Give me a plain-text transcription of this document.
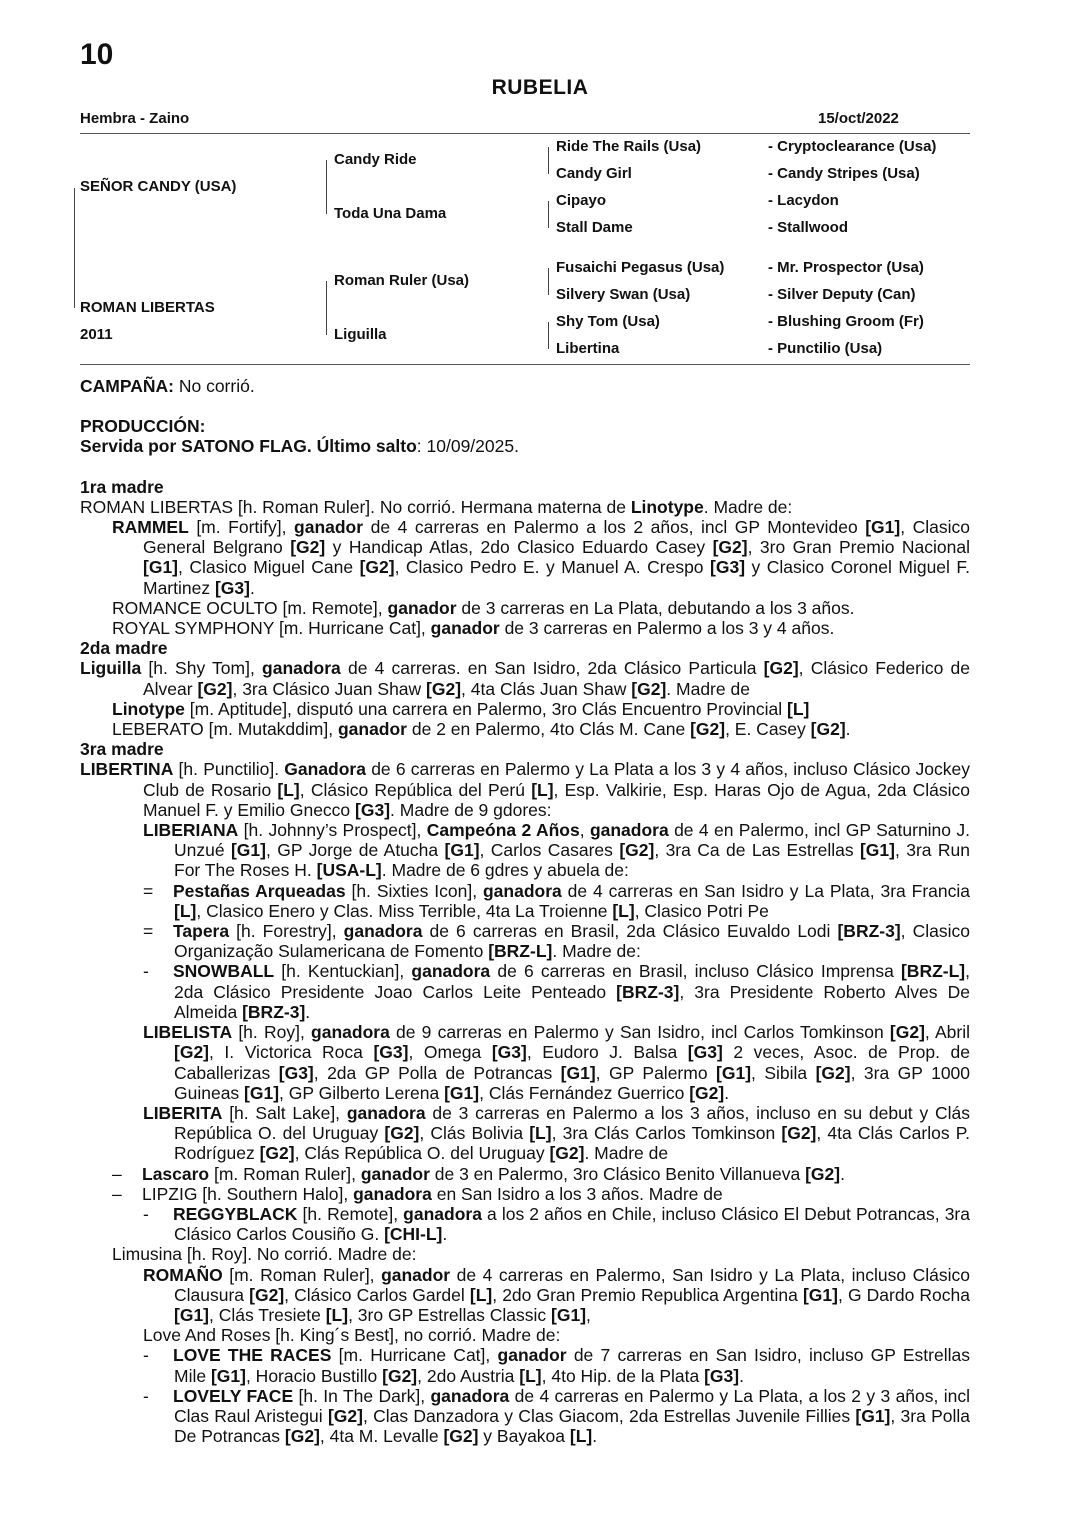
10
RUBELIA
Hembra - Zaino	15/oct/2022
SEÑOR CANDY (USA)
ROMAN LIBERTAS
2011
Candy Ride
Toda Una Dama
Roman Ruler (Usa)
Liguilla
Ride The Rails (Usa)
Candy Girl
Cipayo
Stall Dame
Fusaichi Pegasus (Usa)
Silvery Swan (Usa)
Shy Tom (Usa)
Libertina
- Cryptoclearance (Usa)
- Candy Stripes (Usa)
- Lacydon
- Stallwood
- Mr. Prospector (Usa)
- Silver Deputy (Can)
- Blushing Groom (Fr)
- Punctilio (Usa)

CAMPAÑA: No corrió.

PRODUCCIÓN:

Servida por SATONO FLAG. Último salto: 10/09/2025.

1ra madre

ROMAN LIBERTAS [h. Roman Ruler]. No corrió. Hermana materna de Linotype. Madre de:

RAMMEL [m. Fortify], ganador de 4 carreras en Palermo a los 2 años, incl GP Montevideo [G1], Clasico General Belgrano [G2] y Handicap Atlas, 2do Clasico Eduardo Casey [G2], 3ro Gran Premio Nacional [G1], Clasico Miguel Cane [G2], Clasico Pedro E. y Manuel A. Crespo [G3] y Clasico Coronel Miguel F. Martinez [G3].

ROMANCE OCULTO [m. Remote], ganador de 3 carreras en La Plata, debutando a los 3 años.

ROYAL SYMPHONY [m. Hurricane Cat], ganador de 3 carreras en Palermo a los 3 y 4 años.

2da madre

Liguilla [h. Shy Tom], ganadora de 4 carreras. en San Isidro, 2da Clásico Particula [G2], Clásico Federico de Alvear [G2], 3ra Clásico Juan Shaw [G2], 4ta Clás Juan Shaw [G2]. Madre de

Linotype [m. Aptitude], disputó una carrera en Palermo, 3ro Clás Encuentro Provincial [L]

LEBERATO [m. Mutakddim], ganador de 2 en Palermo, 4to Clás M. Cane [G2], E. Casey [G2].

3ra madre

LIBERTINA [h. Punctilio]. Ganadora de 6 carreras en Palermo y La Plata a los 3 y 4 años, incluso Clásico Jockey Club de Rosario [L], Clásico República del Perú [L], Esp. Valkirie, Esp. Haras Ojo de Agua, 2da Clásico Manuel F. y Emilio Gnecco [G3]. Madre de 9 gdores:

LIBERIANA [h. Johnny’s Prospect], Campeóna 2 Años, ganadora de 4 en Palermo, incl GP Saturnino J. Unzué [G1], GP Jorge de Atucha [G1], Carlos Casares [G2], 3ra Ca de Las Estrellas [G1], 3ra Run For The Roses H. [USA-L]. Madre de 6 gdres y abuela de:

= Pestañas Arqueadas [h. Sixties Icon], ganadora de 4 carreras en San Isidro y La Plata, 3ra Francia [L], Clasico Enero y Clas. Miss Terrible, 4ta La Troienne [L], Clasico Potri Pe

= Tapera [h. Forestry], ganadora de 6 carreras en Brasil, 2da Clásico Euvaldo Lodi [BRZ-3], Clasico Organização Sulamericana de Fomento [BRZ-L]. Madre de:

- SNOWBALL [h. Kentuckian], ganadora de 6 carreras en Brasil, incluso Clásico Imprensa [BRZ-L], 2da Clásico Presidente Joao Carlos Leite Penteado [BRZ-3], 3ra Presidente Roberto Alves De Almeida [BRZ-3].

LIBELISTA [h. Roy], ganadora de 9 carreras en Palermo y San Isidro, incl Carlos Tomkinson [G2], Abril [G2], I. Victorica Roca [G3], Omega [G3], Eudoro J. Balsa [G3] 2 veces, Asoc. de Prop. de Caballerizas [G3], 2da GP Polla de Potrancas [G1], GP Palermo [G1], Sibila [G2], 3ra GP 1000 Guineas [G1], GP Gilberto Lerena [G1], Clás Fernández Guerrico [G2].

LIBERITA [h. Salt Lake], ganadora de 3 carreras en Palermo a los 3 años, incluso en su debut y Clás República O. del Uruguay [G2], Clás Bolivia [L], 3ra Clás Carlos Tomkinson [G2], 4ta Clás Carlos P. Rodríguez [G2], Clás República O. del Uruguay [G2]. Madre de

– Lascaro [m. Roman Ruler], ganador de 3 en Palermo, 3ro Clásico Benito Villanueva [G2].

– LIPZIG [h. Southern Halo], ganadora en San Isidro a los 3 años. Madre de

- REGGYBLACK [h. Remote], ganadora a los 2 años en Chile, incluso Clásico El Debut Potrancas, 3ra Clásico Carlos Cousiño G. [CHI-L].

Limusina [h. Roy]. No corrió. Madre de:

ROMAÑO [m. Roman Ruler], ganador de 4 carreras en Palermo, San Isidro y La Plata, incluso Clásico Clausura [G2], Clásico Carlos Gardel [L], 2do Gran Premio Republica Argentina [G1], G Dardo Rocha [G1], Clás Tresiete [L], 3ro GP Estrellas Classic [G1],

Love And Roses [h. King´s Best], no corrió. Madre de:

- LOVE THE RACES [m. Hurricane Cat], ganador de 7 carreras en San Isidro, incluso GP Estrellas Mile [G1], Horacio Bustillo [G2], 2do Austria [L], 4to Hip. de la Plata [G3].

- LOVELY FACE [h. In The Dark], ganadora de 4 carreras en Palermo y La Plata, a los 2 y 3 años, incl Clas Raul Aristegui [G2], Clas Danzadora y Clas Giacom, 2da Estrellas Juvenile Fillies [G1], 3ra Polla De Potrancas [G2], 4ta M. Levalle [G2] y Bayakoa [L].
